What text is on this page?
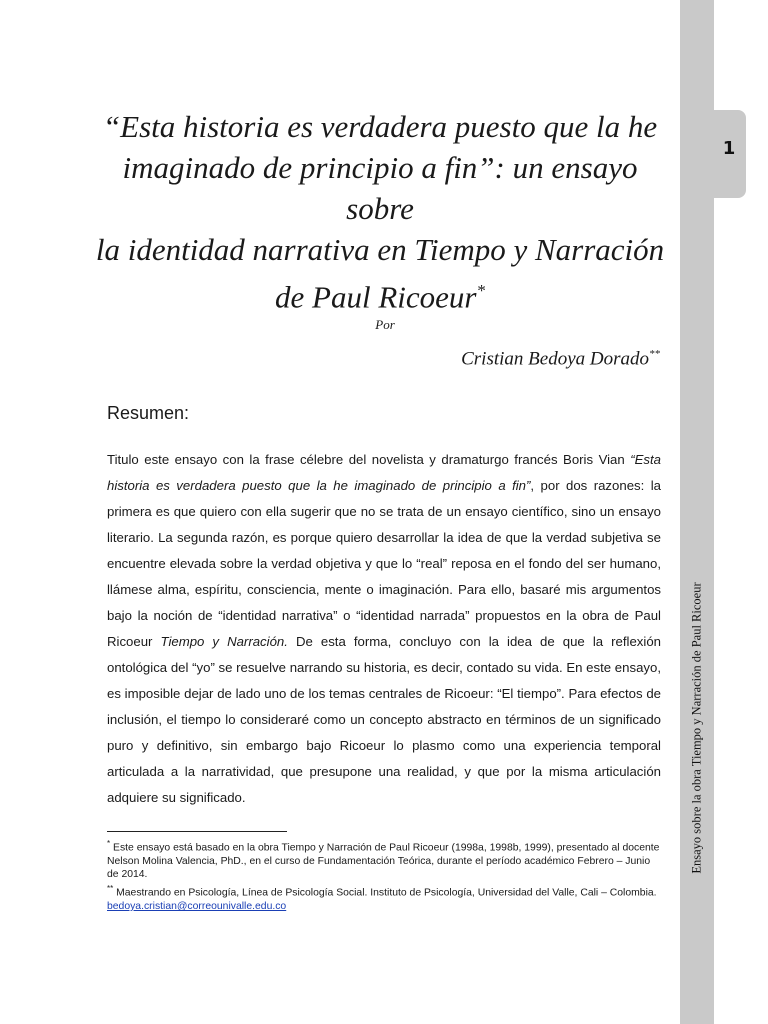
1
Ensayo sobre la obra Tiempo y Narración de Paul Ricoeur
“Esta historia es verdadera puesto que la he
imaginado de principio a fin”: un ensayo sobre
la identidad narrativa en Tiempo y Narración
de Paul Ricoeur*
Por
Cristian Bedoya Dorado**
Resumen:

Titulo este ensayo con la frase célebre del novelista y dramaturgo francés Boris Vian “Esta historia es verdadera puesto que la he imaginado de principio a fin”, por dos razones: la primera es que quiero con ella sugerir que no se trata de un ensayo científico, sino un ensayo literario. La segunda razón, es porque quiero desarrollar la idea de que la verdad subjetiva se encuentre elevada sobre la verdad objetiva y que lo “real” reposa en el fondo del ser humano, llámese alma, espíritu, consciencia, mente o imaginación. Para ello, basaré mis argumentos bajo la noción de “identidad narrativa” o “identidad narrada” propuestos en la obra de Paul Ricoeur Tiempo y Narración. De esta forma, concluyo con la idea de que la reflexión ontológica del “yo” se resuelve narrando su historia, es decir, contado su vida. En este ensayo, es imposible dejar de lado uno de los temas centrales de Ricoeur: “El tiempo”. Para efectos de inclusión, el tiempo lo consideraré como un concepto abstracto en términos de un significado puro y definitivo, sin embargo bajo Ricoeur lo plasmo como una experiencia temporal articulada a la narratividad, que presupone una realidad, y que por la misma articulación adquiere su significado.

* Este ensayo está basado en la obra Tiempo y Narración de Paul Ricoeur (1998a, 1998b, 1999), presentado al docente Nelson Molina Valencia, PhD., en el curso de Fundamentación Teórica, durante el período académico Febrero – Junio de 2014.

** Maestrando en Psicología, Línea de Psicología Social. Instituto de Psicología, Universidad del Valle, Cali – Colombia. bedoya.cristian@correounivalle.edu.co
